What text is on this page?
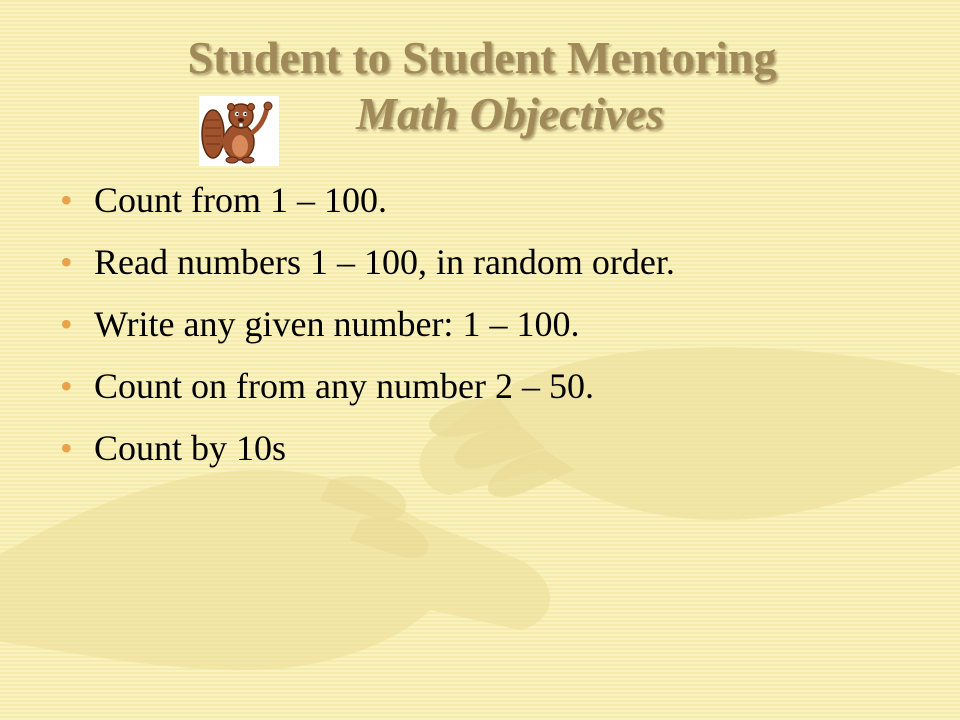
Student to Student Mentoring
Math Objectives
• Count from 1 – 100.
• Read numbers 1 – 100, in random order.
• Write any given number: 1 – 100.
• Count on from any number 2 – 50.
• Count by 10s
